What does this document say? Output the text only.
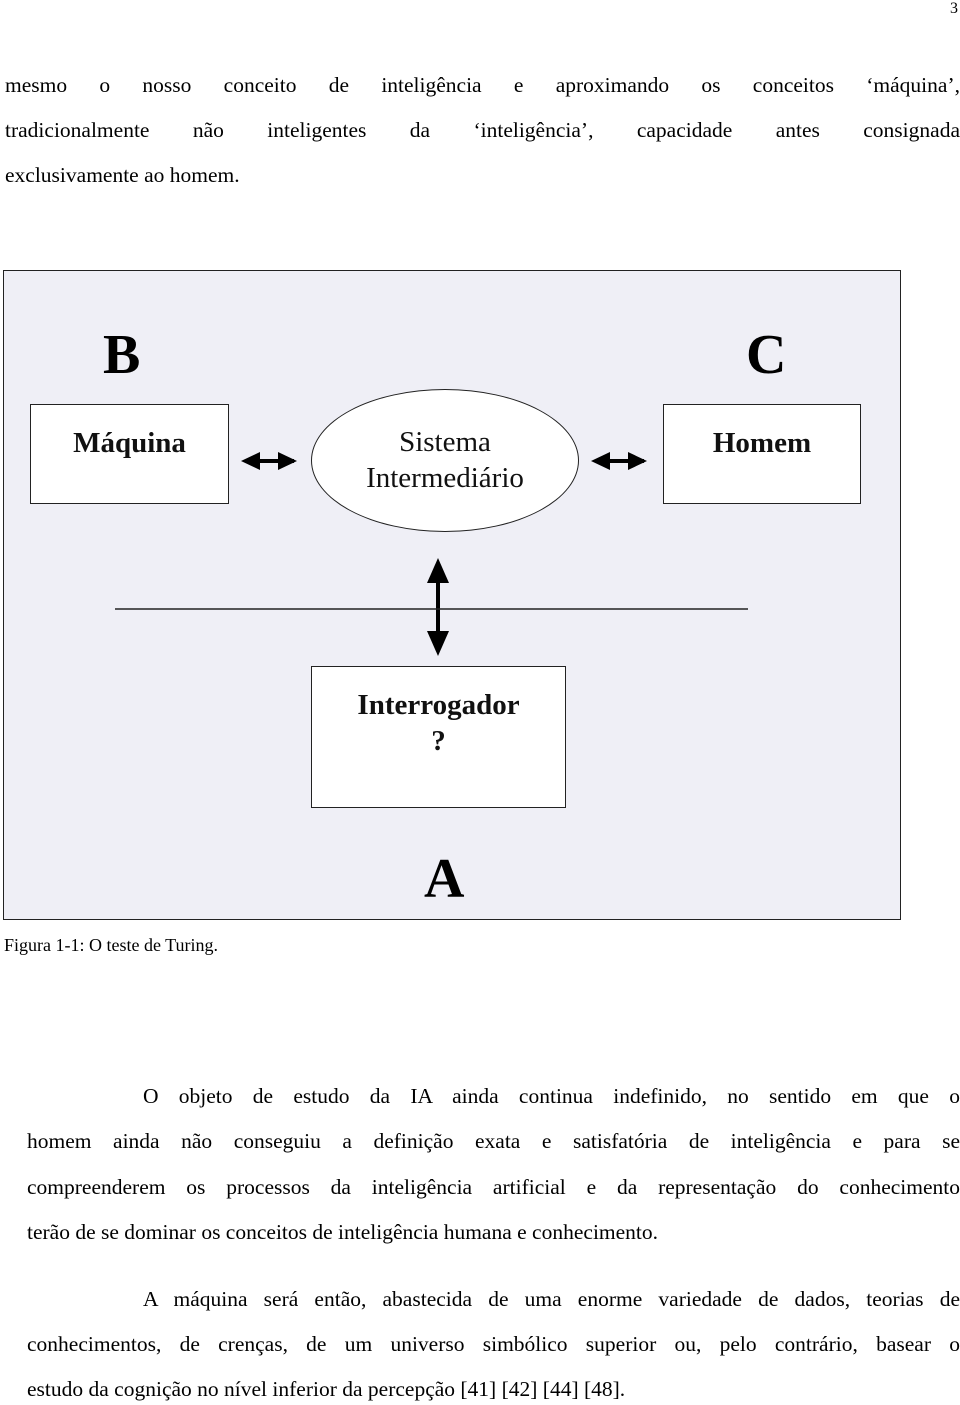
3
mesmo o nosso conceito de inteligência e aproximando os conceitos ‘máquina’,
tradicionalmente não inteligentes da ‘inteligência’, capacidade antes consignada
exclusivamente ao homem.
B	C
Máquina	Sistema
Intermediário
Homem
Interrogador
?
A
Figura 1-1: O teste de Turing.
O objeto de estudo da IA ainda continua indefinido, no sentido em que o
homem ainda não conseguiu a definição exata e satisfatória de inteligência e para se
compreenderem os processos da inteligência artificial e da representação do conhecimento
terão de se dominar os conceitos de inteligência humana e conhecimento.
A máquina será então, abastecida de uma enorme variedade de dados, teorias de
conhecimentos, de crenças, de um universo simbólico superior ou, pelo contrário, basear o
estudo da cognição no nível inferior da percepção [41] [42] [44] [48].
